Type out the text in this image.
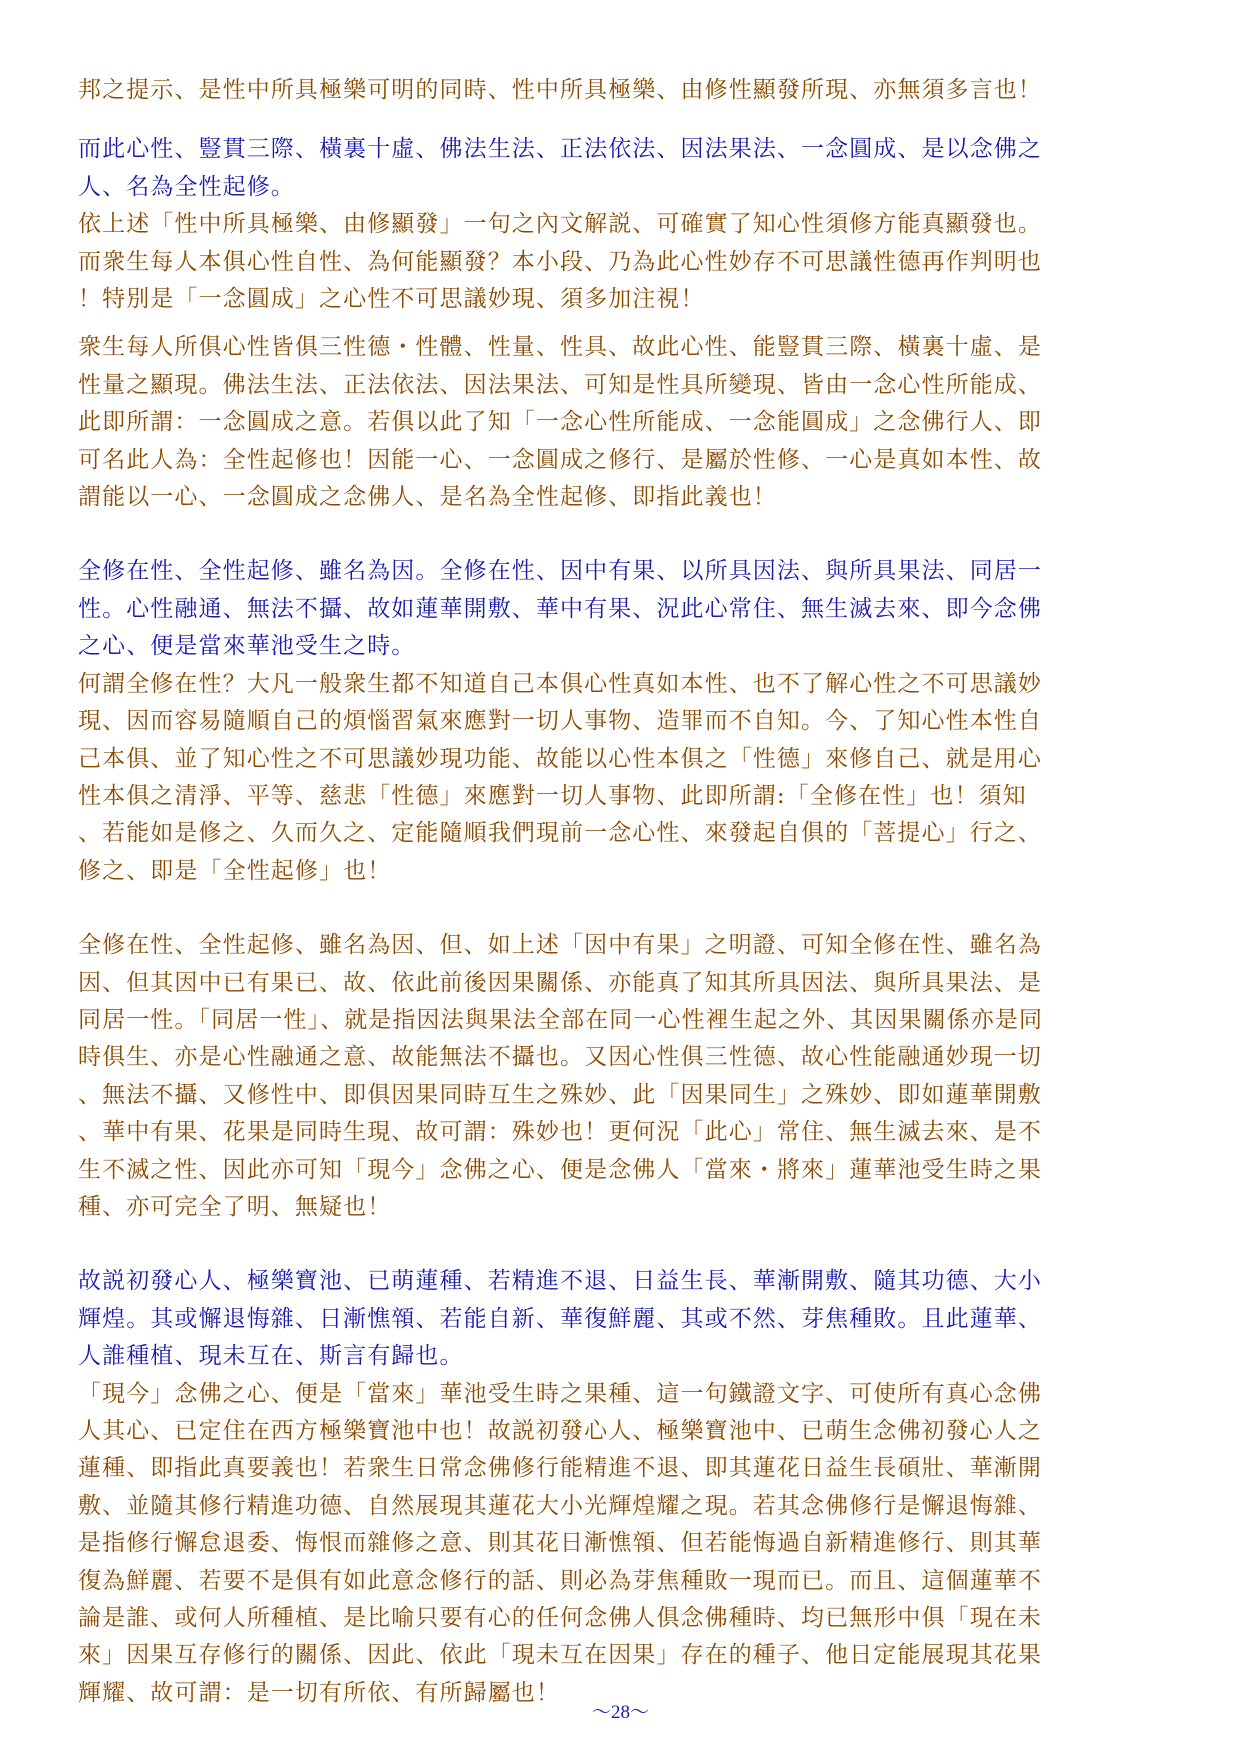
邦之提示、是性中所具極樂可明的同時、性中所具極樂、由修性顯發所現、亦無須多言也！

而此心性、豎貫三際、橫裏十虛、佛法生法、正法依法、因法果法、一念圓成、是以念佛之
人、名為全性起修。

依上述「性中所具極樂、由修顯發」一句之內文解説、可確實了知心性須修方能真顯發也。
而衆生每人本俱心性自性、為何能顯發？本小段、乃為此心性妙存不可思議性德再作判明也
！特別是「一念圓成」之心性不可思議妙現、須多加注視！

衆生每人所俱心性皆俱三性德・性體、性量、性具、故此心性、能豎貫三際、橫裏十虛、是
性量之顯現。佛法生法、正法依法、因法果法、可知是性具所變現、皆由一念心性所能成、
此即所謂：一念圓成之意。若俱以此了知「一念心性所能成、一念能圓成」之念佛行人、即
可名此人為：全性起修也！因能一心、一念圓成之修行、是屬於性修、一心是真如本性、故
謂能以一心、一念圓成之念佛人、是名為全性起修、即指此義也！

全修在性、全性起修、雖名為因。全修在性、因中有果、以所具因法、與所具果法、同居一
性。心性融通、無法不攝、故如蓮華開敷、華中有果、況此心常住、無生滅去來、即今念佛
之心、便是當來華池受生之時。

何謂全修在性？大凡一般衆生都不知道自己本俱心性真如本性、也不了解心性之不可思議妙
現、因而容易隨順自己的煩惱習氣來應對一切人事物、造罪而不自知。今、了知心性本性自
己本俱、並了知心性之不可思議妙現功能、故能以心性本俱之「性德」來修自己、就是用心
性本俱之清淨、平等、慈悲「性德」來應對一切人事物、此即所謂:「全修在性」也！須知
、若能如是修之、久而久之、定能隨順我們現前一念心性、來發起自俱的「菩提心」行之、
修之、即是「全性起修」也！

全修在性、全性起修、雖名為因、但、如上述「因中有果」之明證、可知全修在性、雖名為
因、但其因中已有果已、故、依此前後因果關係、亦能真了知其所具因法、與所具果法、是
同居一性。「同居一性」、就是指因法與果法全部在同一心性裡生起之外、其因果關係亦是同
時俱生、亦是心性融通之意、故能無法不攝也。又因心性俱三性德、故心性能融通妙現一切
、無法不攝、又修性中、即俱因果同時互生之殊妙、此「因果同生」之殊妙、即如蓮華開敷
、華中有果、花果是同時生現、故可謂：殊妙也！更何況「此心」常住、無生滅去來、是不
生不滅之性、因此亦可知「現今」念佛之心、便是念佛人「當來・將來」蓮華池受生時之果
種、亦可完全了明、無疑也！

故説初發心人、極樂寶池、已萌蓮種、若精進不退、日益生長、華漸開敷、隨其功德、大小
輝煌。其或懈退悔雜、日漸憔顇、若能自新、華復鮮麗、其或不然、芽焦種敗。且此蓮華、
人誰種植、現未互在、斯言有歸也。

「現今」念佛之心、便是「當來」華池受生時之果種、這一句鐵證文字、可使所有真心念佛
人其心、已定住在西方極樂寶池中也！故説初發心人、極樂寶池中、已萌生念佛初發心人之
蓮種、即指此真要義也！若衆生日常念佛修行能精進不退、即其蓮花日益生長碩壯、華漸開
敷、並隨其修行精進功德、自然展現其蓮花大小光輝煌耀之現。若其念佛修行是懈退悔雜、
是指修行懈怠退委、悔恨而雜修之意、則其花日漸憔顇、但若能悔過自新精進修行、則其華
復為鮮麗、若要不是俱有如此意念修行的話、則必為芽焦種敗一現而已。而且、這個蓮華不
論是誰、或何人所種植、是比喻只要有心的任何念佛人俱念佛種時、均已無形中俱「現在未
來」因果互存修行的關係、因此、依此「現未互在因果」存在的種子、他日定能展現其花果
輝耀、故可謂：是一切有所依、有所歸屬也！

～28～
